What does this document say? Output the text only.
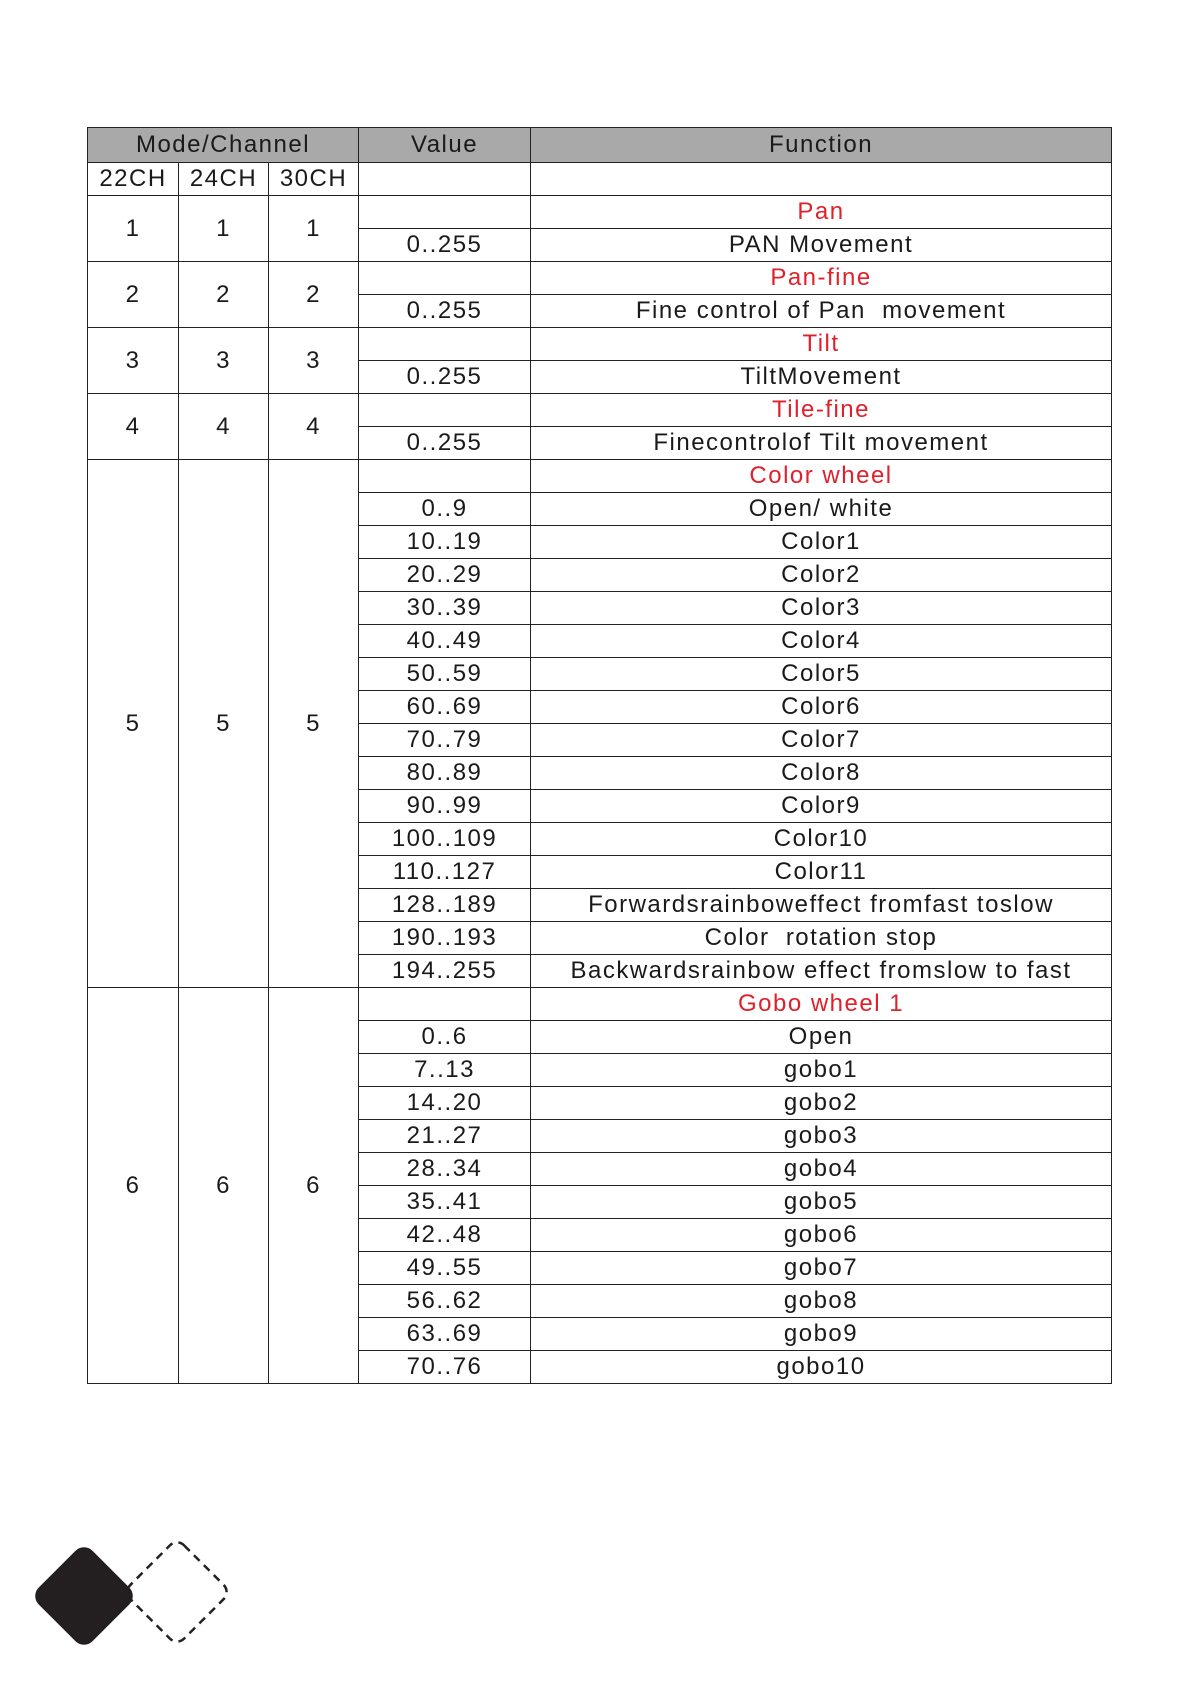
Mode/Channel			Value	Function
22CH	24CH	30CH		
1	1	1		Pan
			0..255	PAN Movement
2	2	2		Pan-fine
			0..255	Fine control of Pan  movement
3	3	3		Tilt
			0..255	TiltMovement
4	4	4		Tile-fine
			0..255	Finecontrolof Tilt movement
5	5	5		Color wheel
			0..9	Open/ white
			10..19	Color1
			20..29	Color2
			30..39	Color3
			40..49	Color4
			50..59	Color5
			60..69	Color6
			70..79	Color7
			80..89	Color8
			90..99	Color9
			100..109	Color10
			110..127	Color11
			128..189	Forwardsrainboweffect fromfast toslow
			190..193	Color  rotation stop
			194..255	Backwardsrainbow effect fromslow to fast
6	6	6		Gobo wheel 1
			0..6	Open
			7..13	gobo1
			14..20	gobo2
			21..27	gobo3
			28..34	gobo4
			35..41	gobo5
			42..48	gobo6
			49..55	gobo7
			56..62	gobo8
			63..69	gobo9
			70..76	gobo10
